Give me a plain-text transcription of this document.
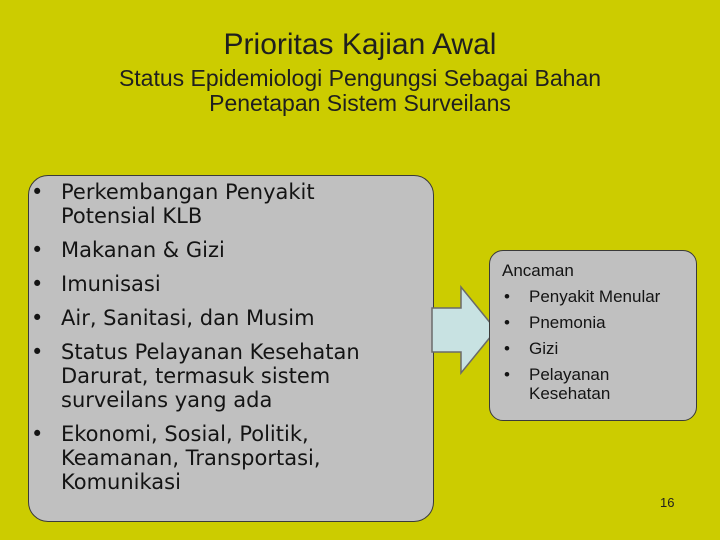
Prioritas Kajian Awal
Status Epidemiologi Pengungsi Sebagai Bahan
Penetapan Sistem Surveilans
• Perkembangan Penyakit
Potensial KLB
• Makanan & Gizi
• Imunisasi
• Air, Sanitasi, dan Musim
• Status Pelayanan Kesehatan
Darurat, termasuk sistem
surveilans yang ada
• Ekonomi, Sosial, Politik,
Keamanan, Transportasi,
Komunikasi
Ancaman
• Penyakit Menular
• Pnemonia
• Gizi
• Pelayanan
Kesehatan
16
